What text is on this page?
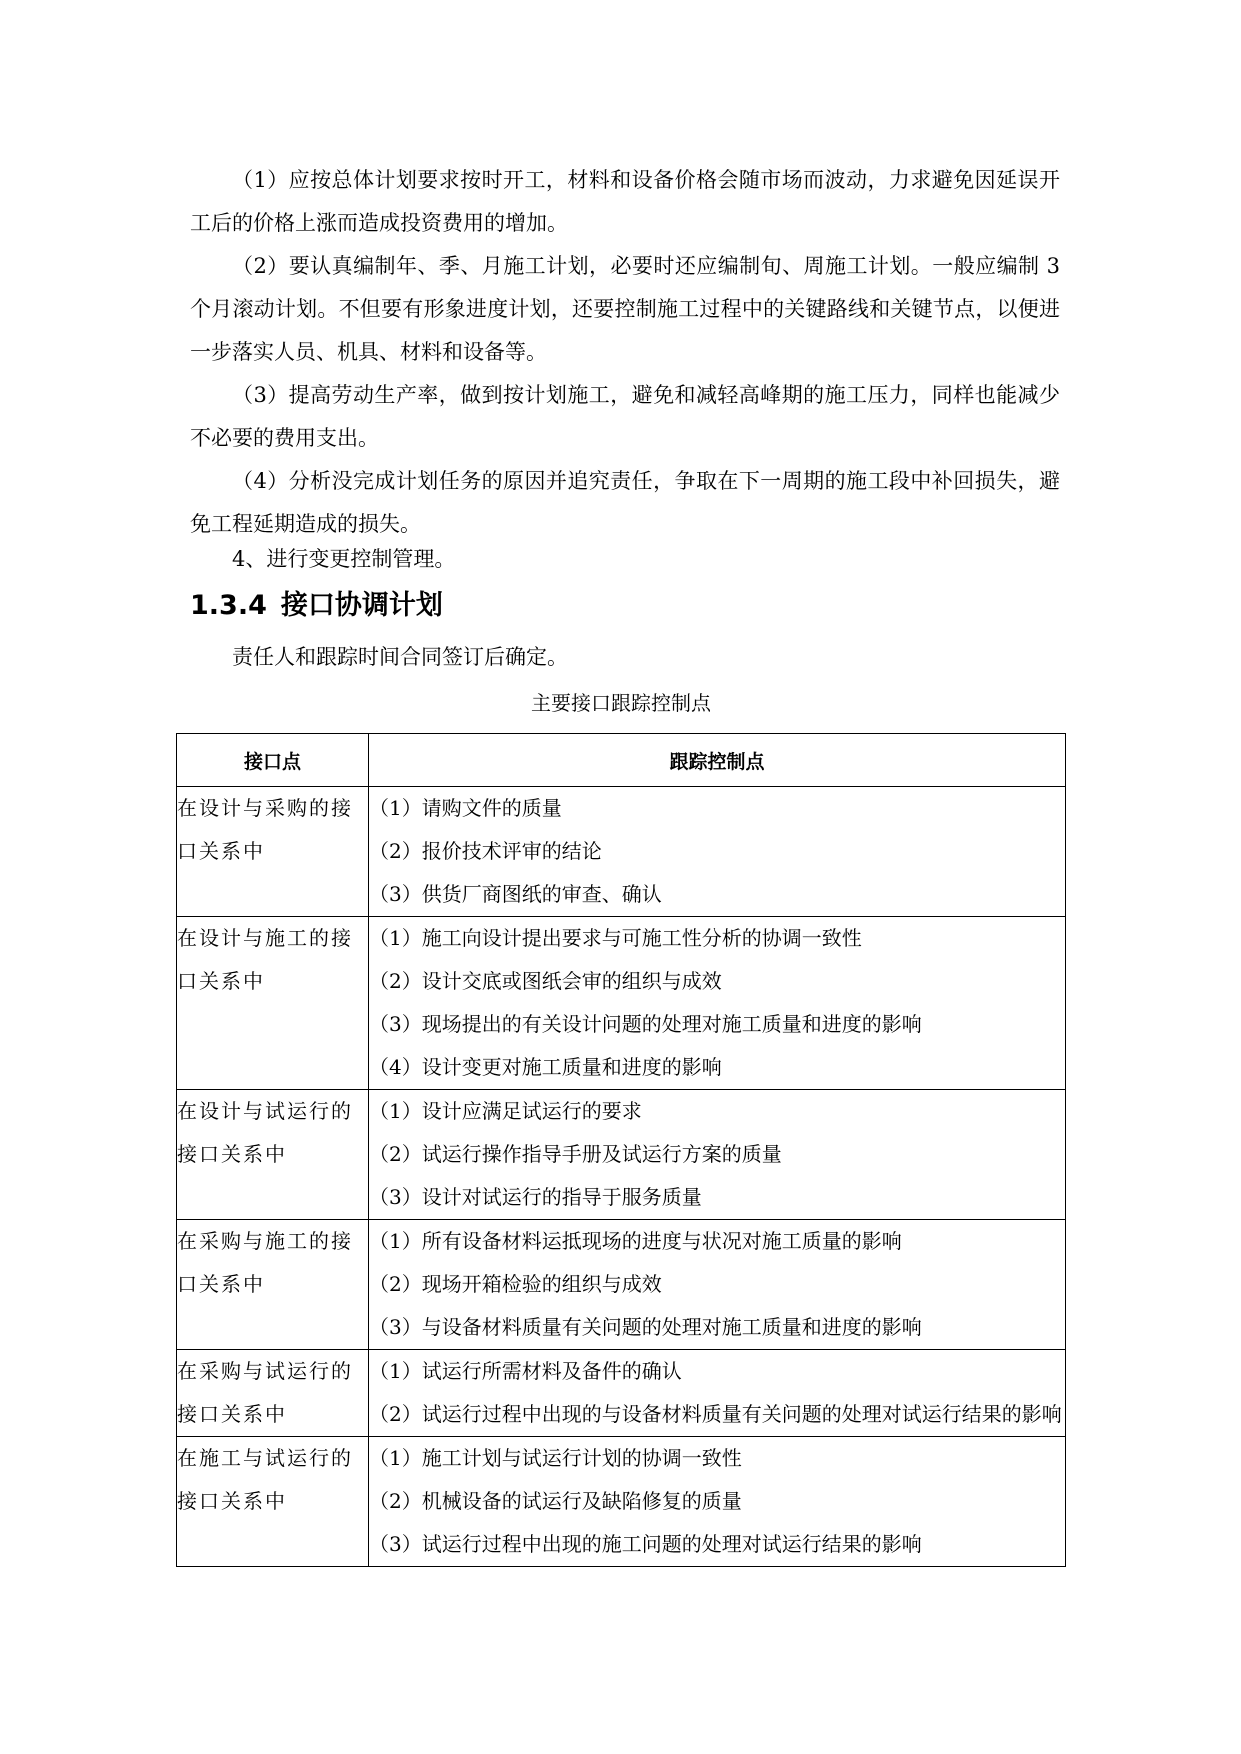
（1）应按总体计划要求按时开工，材料和设备价格会随市场而波动，力求避免因延误开工后的价格上涨而造成投资费用的增加。

（2）要认真编制年、季、月施工计划，必要时还应编制旬、周施工计划。一般应编制 3 个月滚动计划。不但要有形象进度计划，还要控制施工过程中的关键路线和关键节点，以便进一步落实人员、机具、材料和设备等。

（3）提高劳动生产率，做到按计划施工，避免和减轻高峰期的施工压力，同样也能减少不必要的费用支出。

（4）分析没完成计划任务的原因并追究责任，争取在下一周期的施工段中补回损失，避免工程延期造成的损失。

4、进行变更控制管理。

1.3.4 接口协调计划

责任人和跟踪时间合同签订后确定。

主要接口跟踪控制点

接口点	跟踪控制点
在设计与采购的接口关系中	（1）请购文件的质量

（2）报价技术评审的结论

（3）供货厂商图纸的审查、确认

在设计与施工的接口关系中	（1）施工向设计提出要求与可施工性分析的协调一致性

（2）设计交底或图纸会审的组织与成效

（3）现场提出的有关设计问题的处理对施工质量和进度的影响

（4）设计变更对施工质量和进度的影响

在设计与试运行的接口关系中	（1）设计应满足试运行的要求

（2）试运行操作指导手册及试运行方案的质量

（3）设计对试运行的指导于服务质量

在采购与施工的接口关系中	（1）所有设备材料运抵现场的进度与状况对施工质量的影响

（2）现场开箱检验的组织与成效

（3）与设备材料质量有关问题的处理对施工质量和进度的影响

在采购与试运行的接口关系中	（1）试运行所需材料及备件的确认

（2）试运行过程中出现的与设备材料质量有关问题的处理对试运行结果的影响

在施工与试运行的接口关系中	（1）施工计划与试运行计划的协调一致性

（2）机械设备的试运行及缺陷修复的质量

（3）试运行过程中出现的施工问题的处理对试运行结果的影响
